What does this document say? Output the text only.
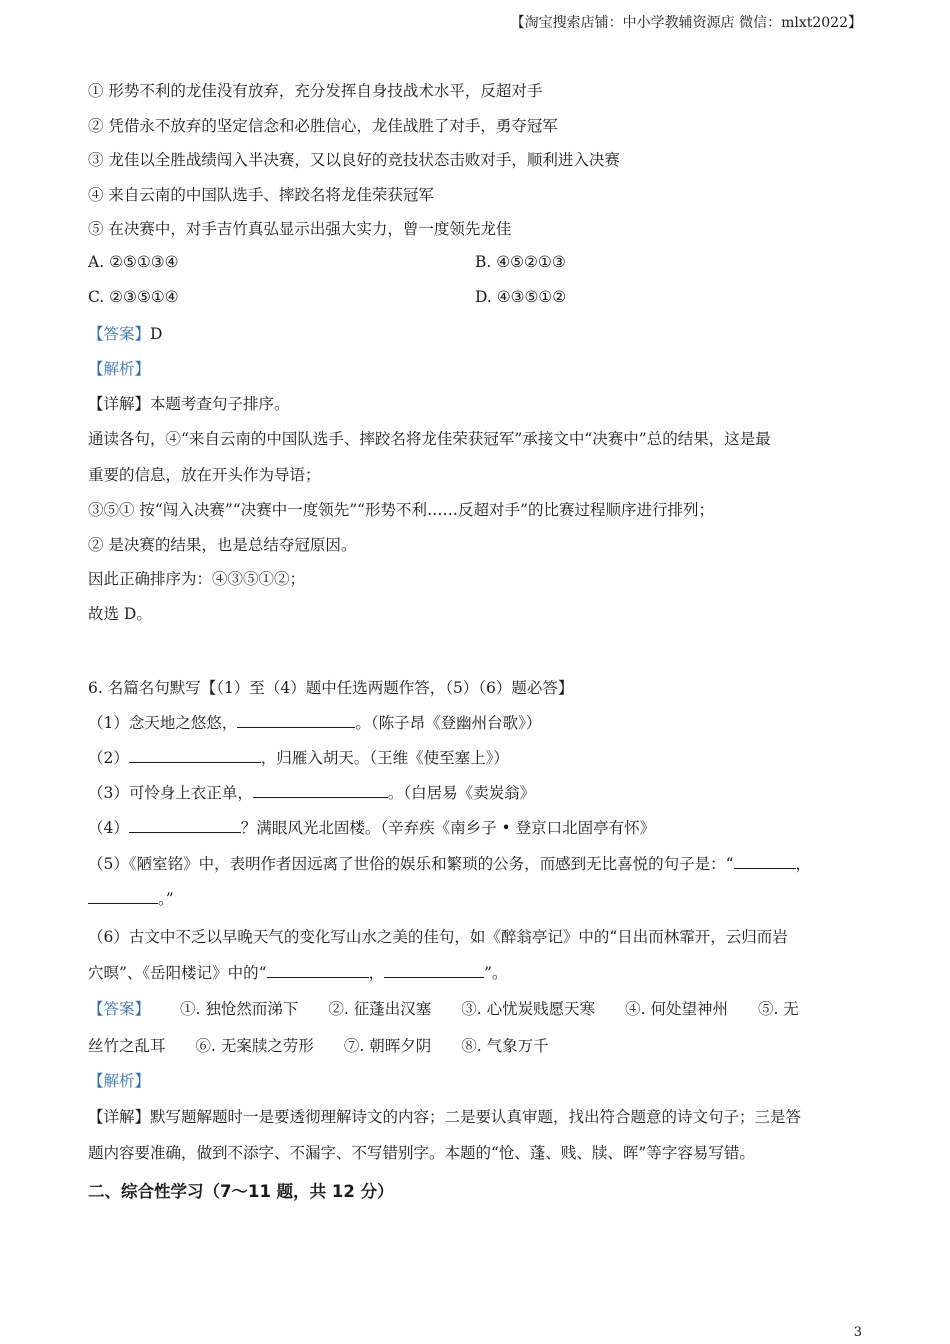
【淘宝搜索店铺：中小学教辅资源店 微信：mlxt2022】
① 形势不利的龙佳没有放弃，充分发挥自身技战术水平，反超对手
② 凭借永不放弃的坚定信念和必胜信心，龙佳战胜了对手，勇夺冠军
③ 龙佳以全胜战绩闯入半决赛，又以良好的竞技状态击败对手，顺利进入决赛
④ 来自云南的中国队选手、摔跤名将龙佳荣获冠军
⑤ 在决赛中，对手吉竹真弘显示出强大实力，曾一度领先龙佳
A. ②⑤①③④	B. ④⑤②①③
C. ②③⑤①④	D. ④③⑤①②
【答案】D
【解析】
【详解】本题考查句子排序。
通读各句，④“来自云南的中国队选手、摔跤名将龙佳荣获冠军”承接文中“决赛中”总的结果，这是最
重要的信息，放在开头作为导语；
③⑤① 按“闯入决赛”“决赛中一度领先”“形势不利……反超对手”的比赛过程顺序进行排列；
② 是决赛的结果，也是总结夺冠原因。
因此正确排序为：④③⑤①②；
故选 D。
6. 名篇名句默写【（1）至（4）题中任选两题作答，（5）（6）题必答】
（1）念天地之悠悠，	。（陈子昂《登幽州台歌》）
（2）	，归雁入胡天。（王维《使至塞上》）
（3）可怜身上衣正单，	。（白居易《卖炭翁》
（4）	？满眼风光北固楼。（辛弃疾《南乡子 • 登京口北固亭有怀》
（5）《陋室铭》中，表明作者因远离了世俗的娱乐和繁琐的公务，而感到无比喜悦的句子是：“	，
。”
（6）古文中不乏以早晚天气的变化写山水之美的佳句，如《醉翁亭记》中的“日出而林霏开，云归而岩
穴暝”、《岳阳楼记》中的“	，	”。
【答案】 ①. 独怆然而涕下 ②. 征蓬出汉塞 ③. 心忧炭贱愿天寒 ④. 何处望神州 ⑤. 无
丝竹之乱耳 ⑥. 无案牍之劳形 ⑦. 朝晖夕阴 ⑧. 气象万千
【解析】
【详解】默写题解题时一是要透彻理解诗文的内容；二是要认真审题，找出符合题意的诗文句子；三是答
题内容要准确，做到不添字、不漏字、不写错别字。本题的“怆、蓬、贱、牍、晖”等字容易写错。
二、综合性学习（7～11 题，共 12 分）
3
